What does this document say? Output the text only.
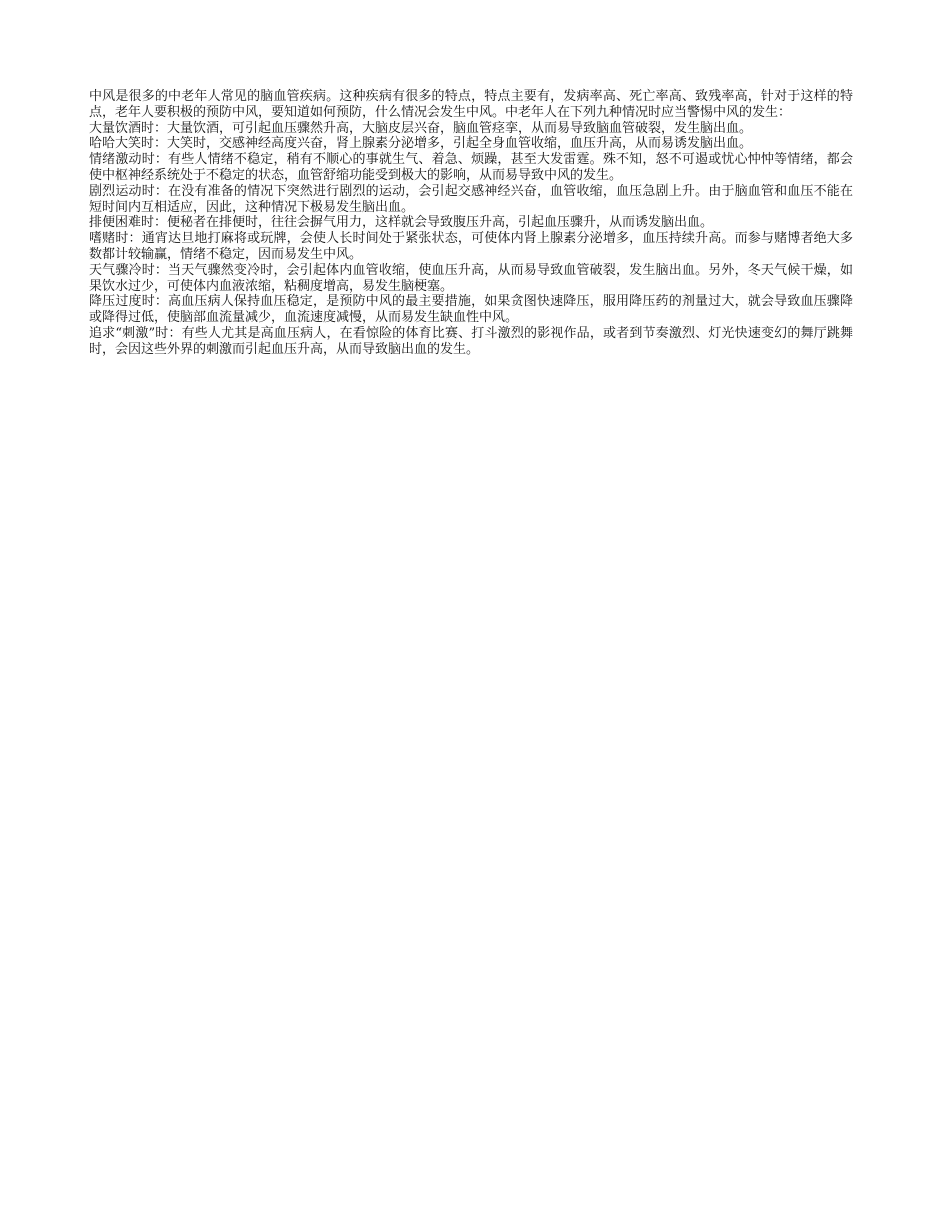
中风是很多的中老年人常见的脑血管疾病。这种疾病有很多的特点，特点主要有，发病率高、死亡率高、致残率高，针对于这样的特点，老年人要积极的预防中风，要知道如何预防，什么情况会发生中风。中老年人在下列九种情况时应当警惕中风的发生：

大量饮酒时：大量饮酒，可引起血压骤然升高，大脑皮层兴奋，脑血管痉挛，从而易导致脑血管破裂，发生脑出血。

哈哈大笑时：大笑时，交感神经高度兴奋，肾上腺素分泌增多，引起全身血管收缩，血压升高，从而易诱发脑出血。

情绪激动时：有些人情绪不稳定，稍有不顺心的事就生气、着急、烦躁，甚至大发雷霆。殊不知，怒不可遏或忧心忡忡等情绪，都会使中枢神经系统处于不稳定的状态，血管舒缩功能受到极大的影响，从而易导致中风的发生。

剧烈运动时：在没有准备的情况下突然进行剧烈的运动，会引起交感神经兴奋，血管收缩，血压急剧上升。由于脑血管和血压不能在短时间内互相适应，因此，这种情况下极易发生脑出血。

排便困难时：便秘者在排便时，往往会摒气用力，这样就会导致腹压升高，引起血压骤升，从而诱发脑出血。

嗜赌时：通宵达旦地打麻将或玩牌，会使人长时间处于紧张状态，可使体内肾上腺素分泌增多，血压持续升高。而参与赌博者绝大多数都计较输赢，情绪不稳定，因而易发生中风。

天气骤冷时：当天气骤然变冷时，会引起体内血管收缩，使血压升高，从而易导致血管破裂，发生脑出血。另外，冬天气候干燥，如果饮水过少，可使体内血液浓缩，粘稠度增高，易发生脑梗塞。

降压过度时：高血压病人保持血压稳定，是预防中风的最主要措施，如果贪图快速降压，服用降压药的剂量过大，就会导致血压骤降或降得过低，使脑部血流量减少，血流速度减慢，从而易发生缺血性中风。

追求“刺激”时：有些人尤其是高血压病人，在看惊险的体育比赛、打斗激烈的影视作品，或者到节奏激烈、灯光快速变幻的舞厅跳舞时，会因这些外界的刺激而引起血压升高，从而导致脑出血的发生。
